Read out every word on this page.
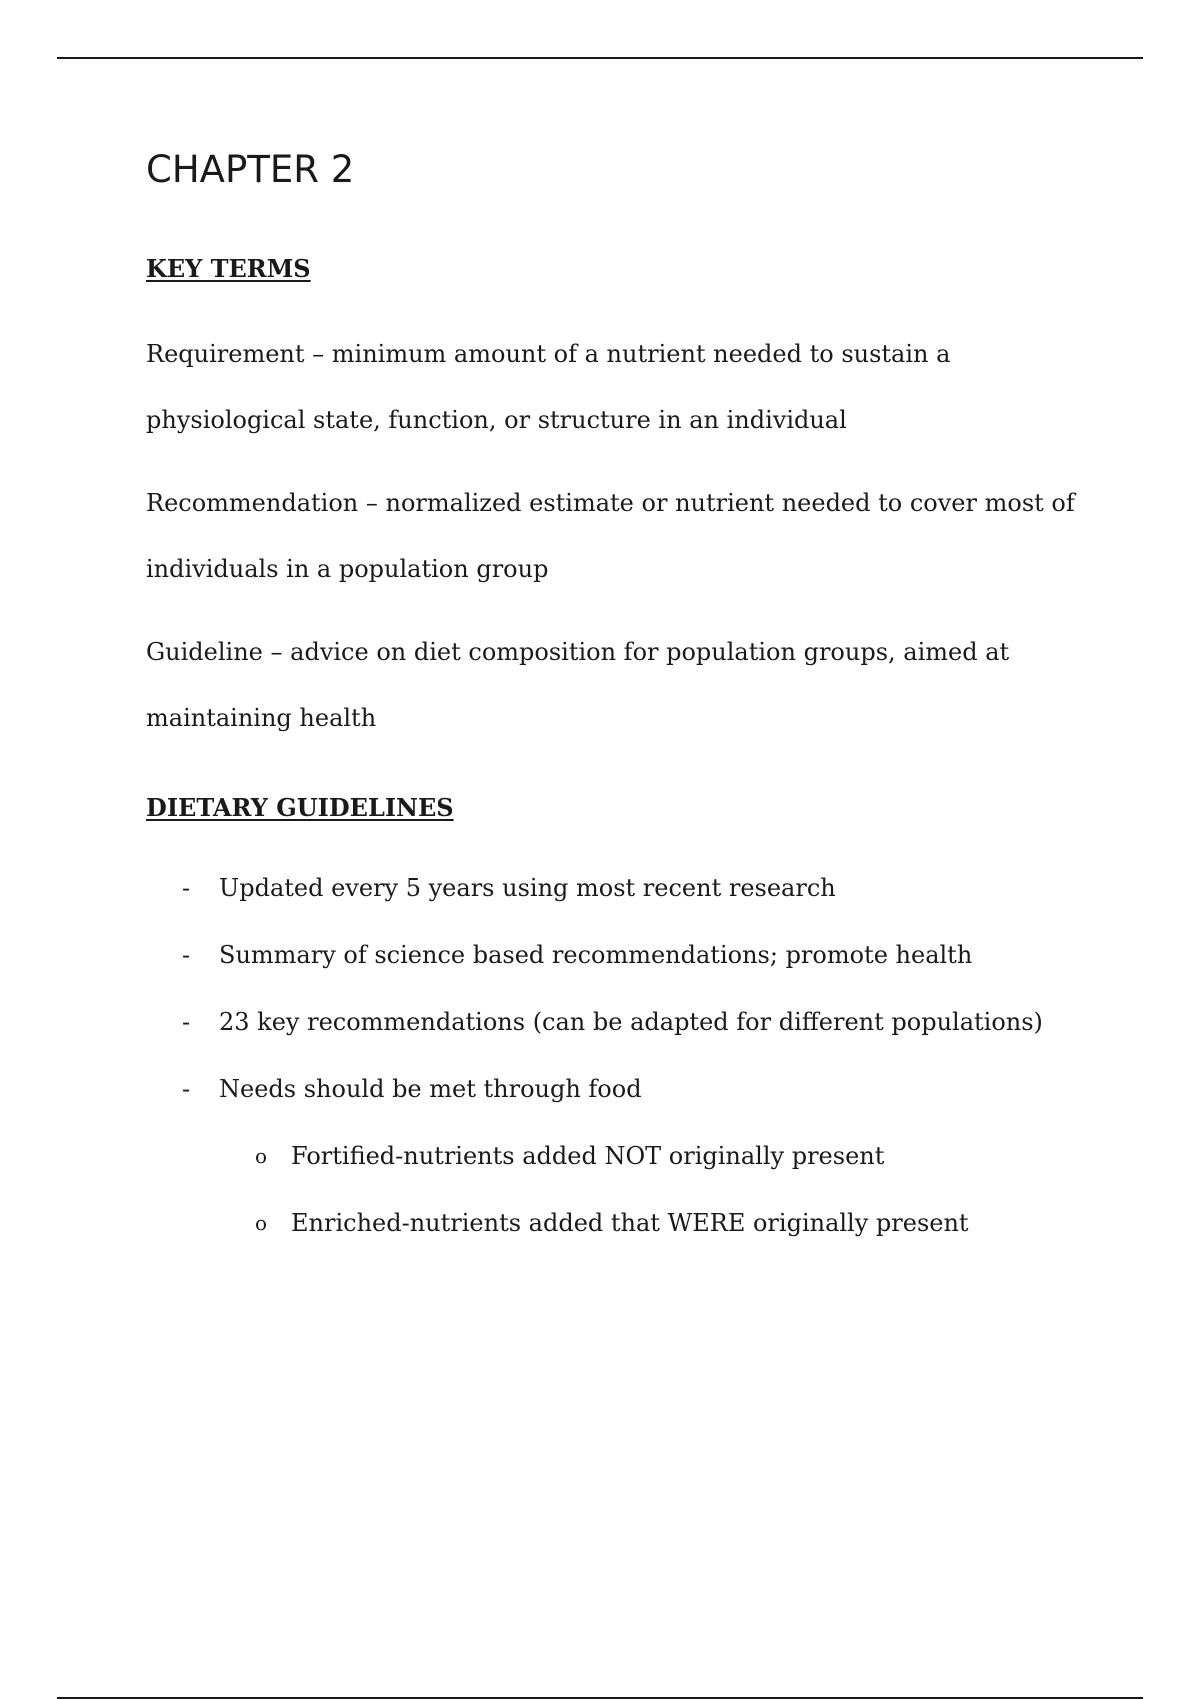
CHAPTER 2
KEY TERMS

Requirement – minimum amount of a nutrient needed to sustain a

physiological state, function, or structure in an individual

Recommendation – normalized estimate or nutrient needed to cover most of

individuals in a population group

Guideline – advice on diet composition for population groups, aimed at

maintaining health

DIETARY GUIDELINES
- Updated every 5 years using most recent research
- Summary of science based recommendations; promote health
- 23 key recommendations (can be adapted for different populations)
- Needs should be met through food
o Fortified-nutrients added NOT originally present
o Enriched-nutrients added that WERE originally present
